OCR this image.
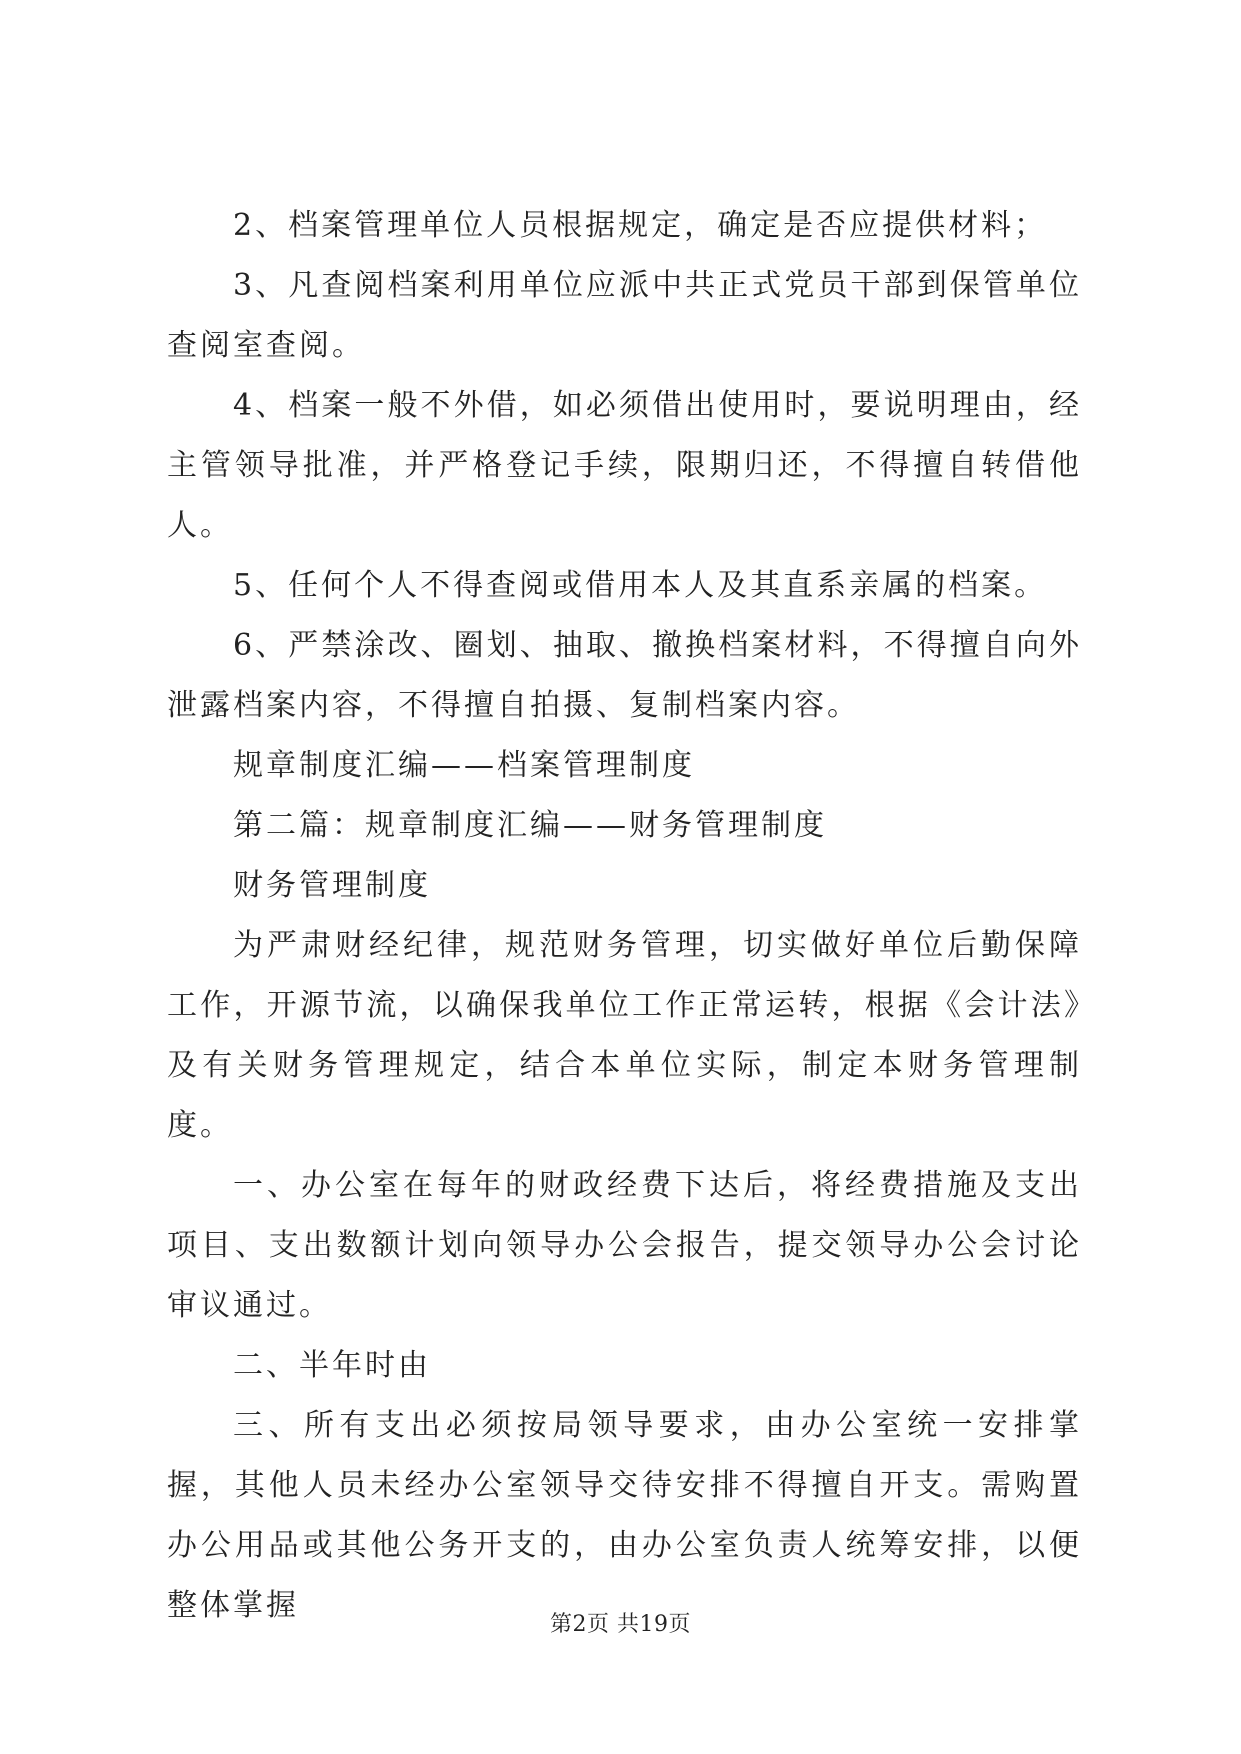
2、档案管理单位人员根据规定，确定是否应提供材料；

3、凡查阅档案利用单位应派中共正式党员干部到保管单位查阅室查阅。

4、档案一般不外借，如必须借出使用时，要说明理由，经主管领导批准，并严格登记手续，限期归还，不得擅自转借他人。

5、任何个人不得查阅或借用本人及其直系亲属的档案。

6、严禁涂改、圈划、抽取、撤换档案材料，不得擅自向外泄露档案内容，不得擅自拍摄、复制档案内容。

规章制度汇编——档案管理制度

第二篇：规章制度汇编——财务管理制度

财务管理制度

为严肃财经纪律，规范财务管理，切实做好单位后勤保障工作，开源节流，以确保我单位工作正常运转，根据《会计法》及有关财务管理规定，结合本单位实际，制定本财务管理制度。

一、办公室在每年的财政经费下达后，将经费措施及支出项目、支出数额计划向领导办公会报告，提交领导办公会讨论审议通过。

二、半年时由

三、所有支出必须按局领导要求，由办公室统一安排掌握，其他人员未经办公室领导交待安排不得擅自开支。需购置办公用品或其他公务开支的，由办公室负责人统筹安排，以便整体掌握

第2页 共19页
